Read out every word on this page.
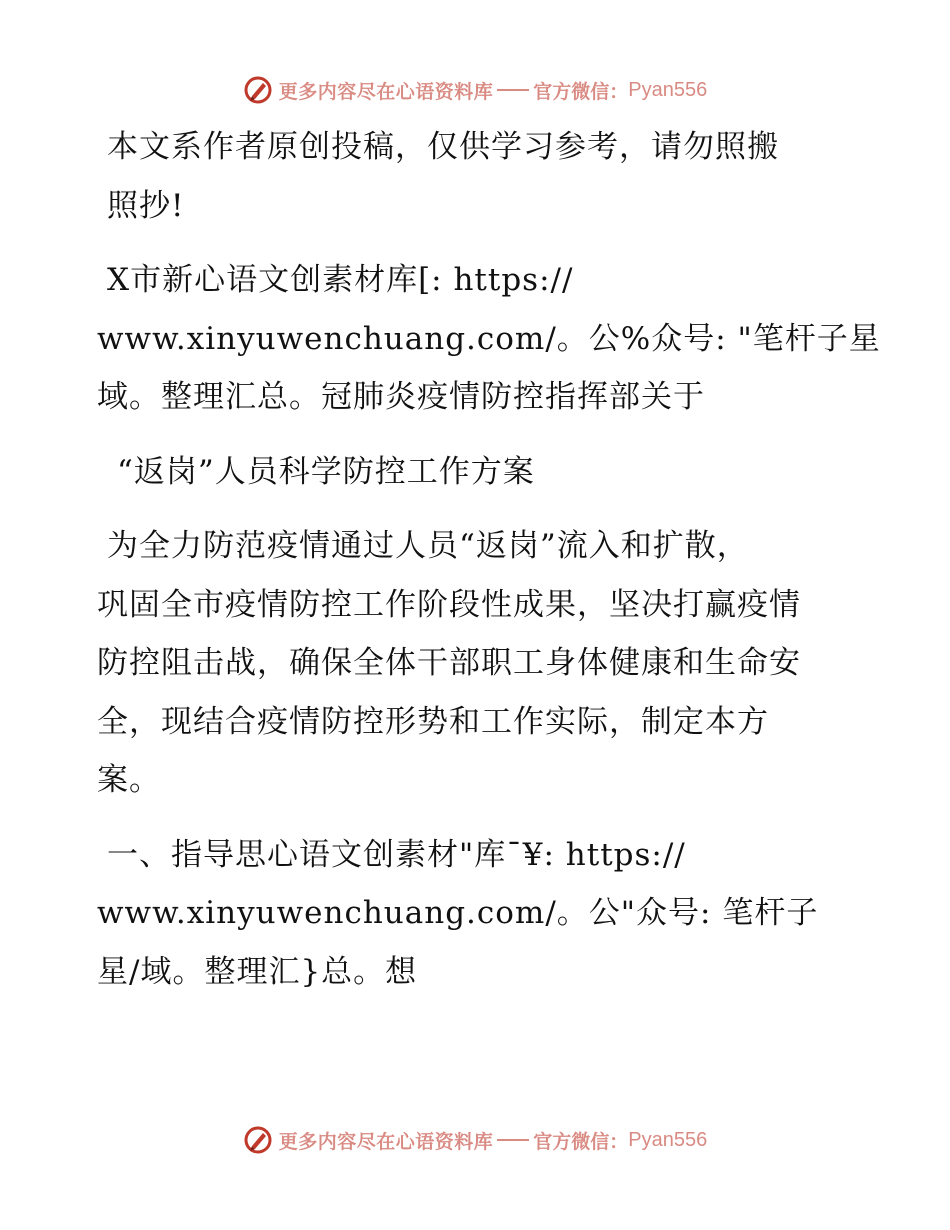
更多内容尽在心语资料库 官方微信： Pyan556

本文系作者原创投稿，仅供学习参考，请勿照搬
照抄!

X市新心语文创素材库[: https://
www.xinyuwenchuang.com/。公%众号: "笔杆子星
域。整理汇总。冠肺炎疫情防控指挥部关于

“返岗”人员科学防控工作方案

为全力防范疫情通过人员“返岗”流入和扩散，
巩固全市疫情防控工作阶段性成果，坚决打赢疫情
防控阻击战，确保全体干部职工身体健康和生命安
全，现结合疫情防控形势和工作实际，制定本方
案。

一、指导思心语文创素材"库¯¥: https://
www.xinyuwenchuang.com/。公"众号: 笔杆子
星/域。整理汇}总。想

更多内容尽在心语资料库 官方微信： Pyan556
